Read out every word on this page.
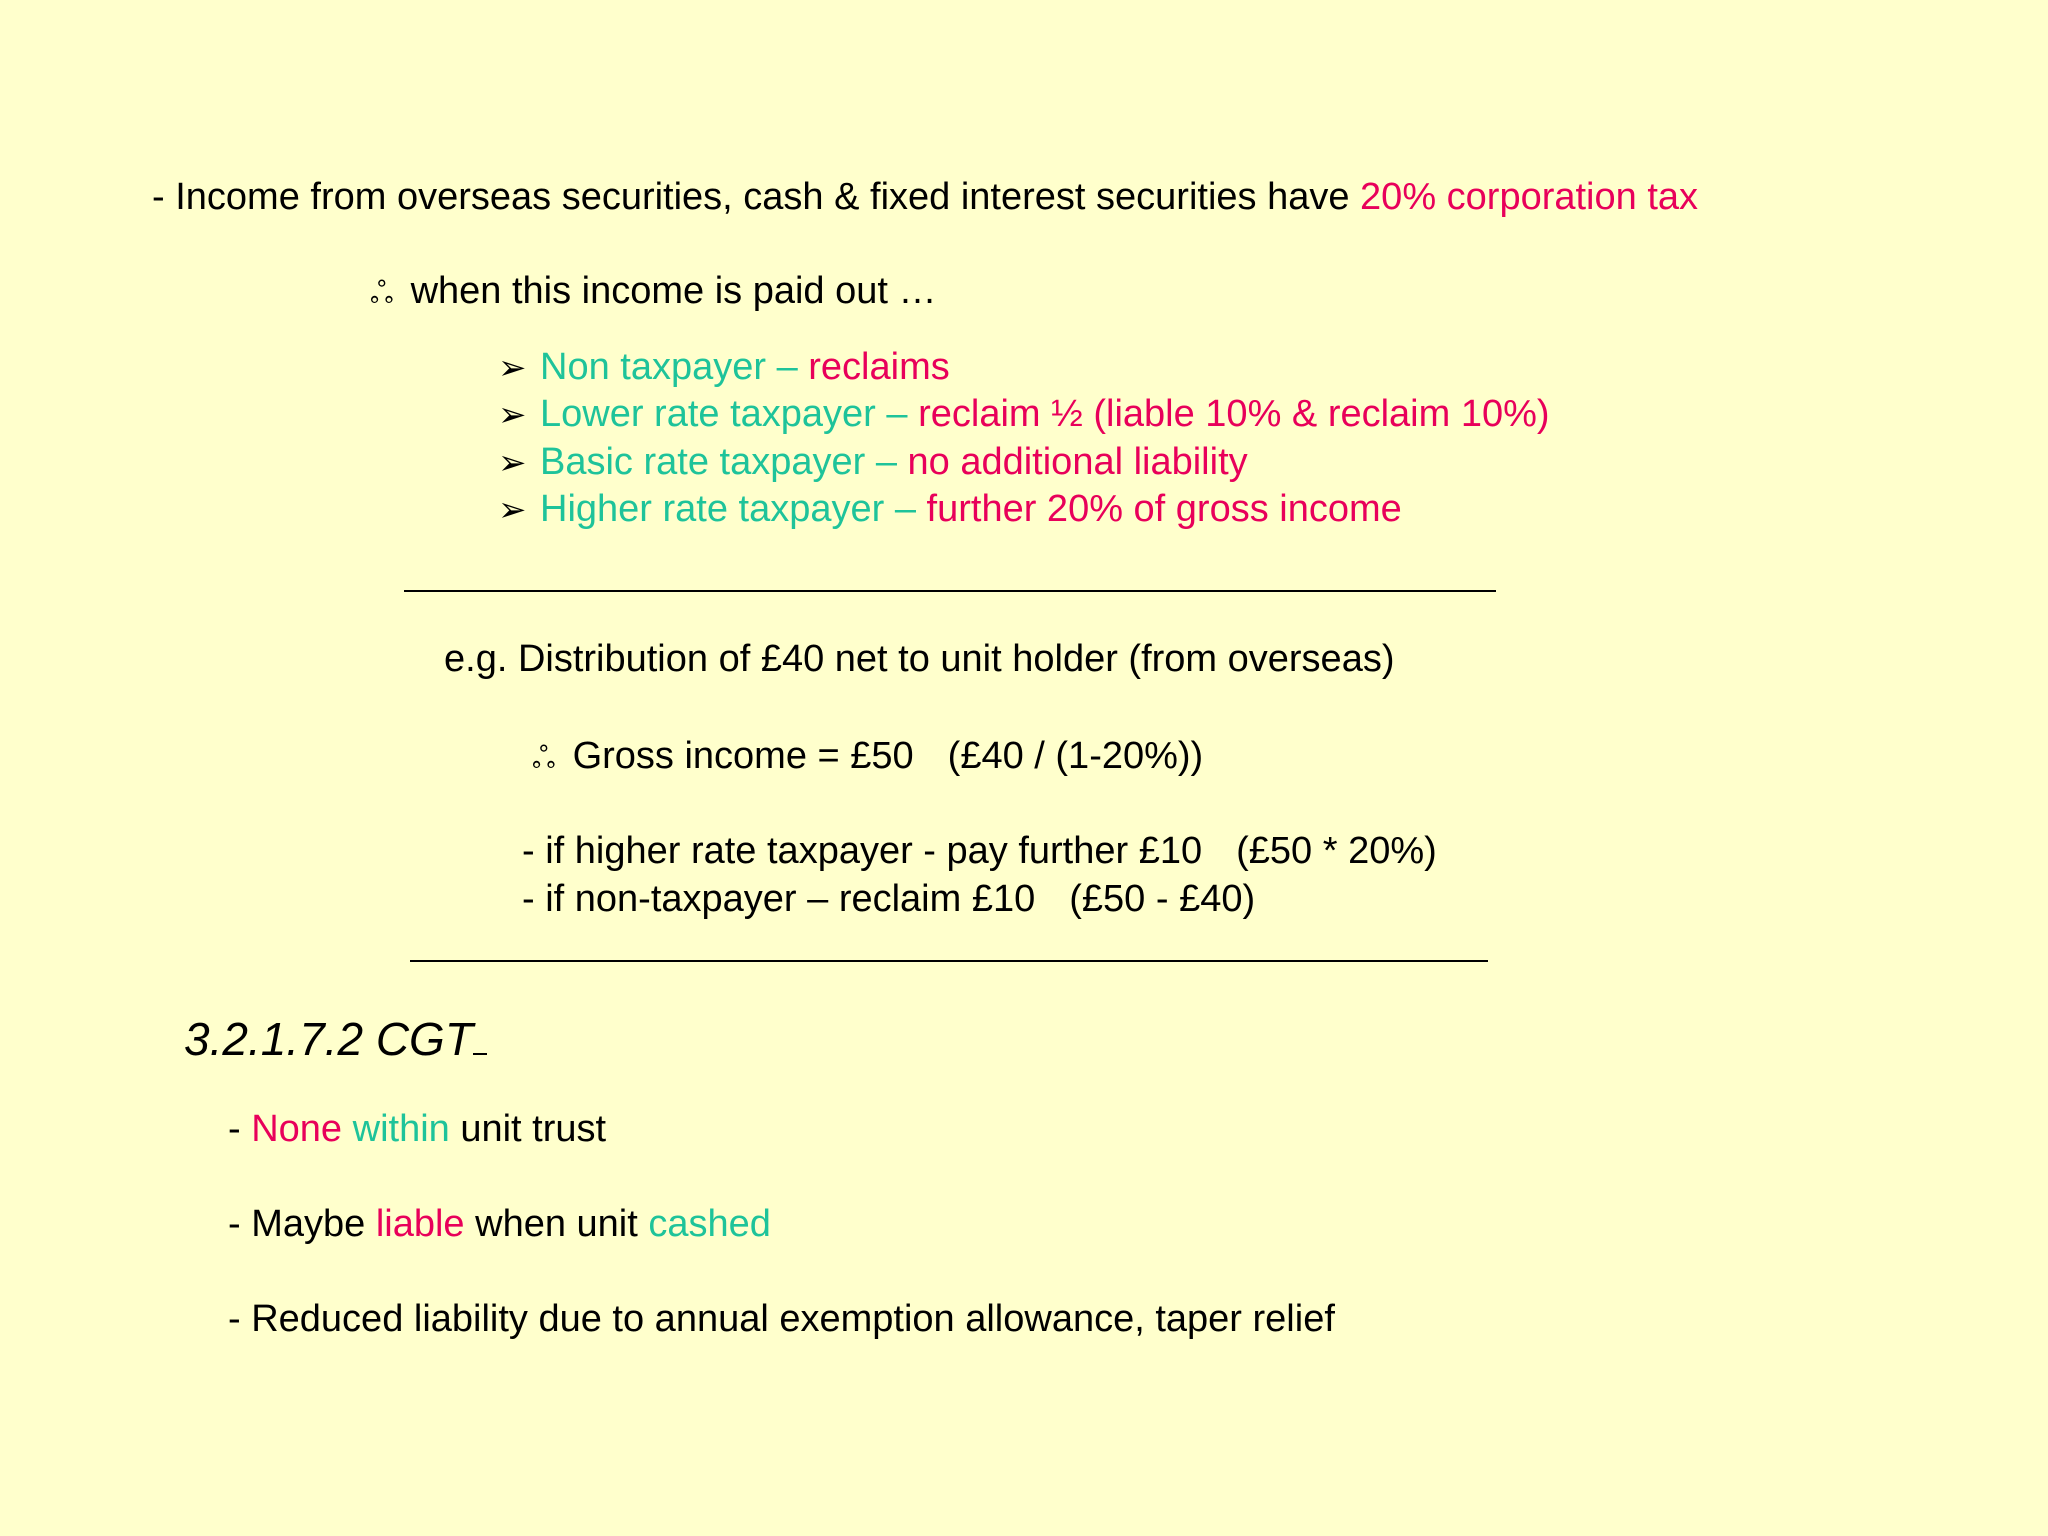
- Income from overseas securities, cash & fixed interest securities have 20% corporation tax
ஃ when this income is paid out …
➢ Non taxpayer – reclaims
➢ Lower rate taxpayer – reclaim ½ (liable 10% & reclaim 10%)
➢ Basic rate taxpayer – no additional liability
➢ Higher rate taxpayer – further 20% of gross income
e.g. Distribution of £40 net to unit holder (from overseas)
ஃ Gross income = £50 (£40 / (1-20%))
- if higher rate taxpayer - pay further £10 (£50 * 20%)
- if non-taxpayer – reclaim £10 (£50 - £40)
3.2.1.7.2 CGT
- None within unit trust
- Maybe liable when unit cashed
- Reduced liability due to annual exemption allowance, taper relief
